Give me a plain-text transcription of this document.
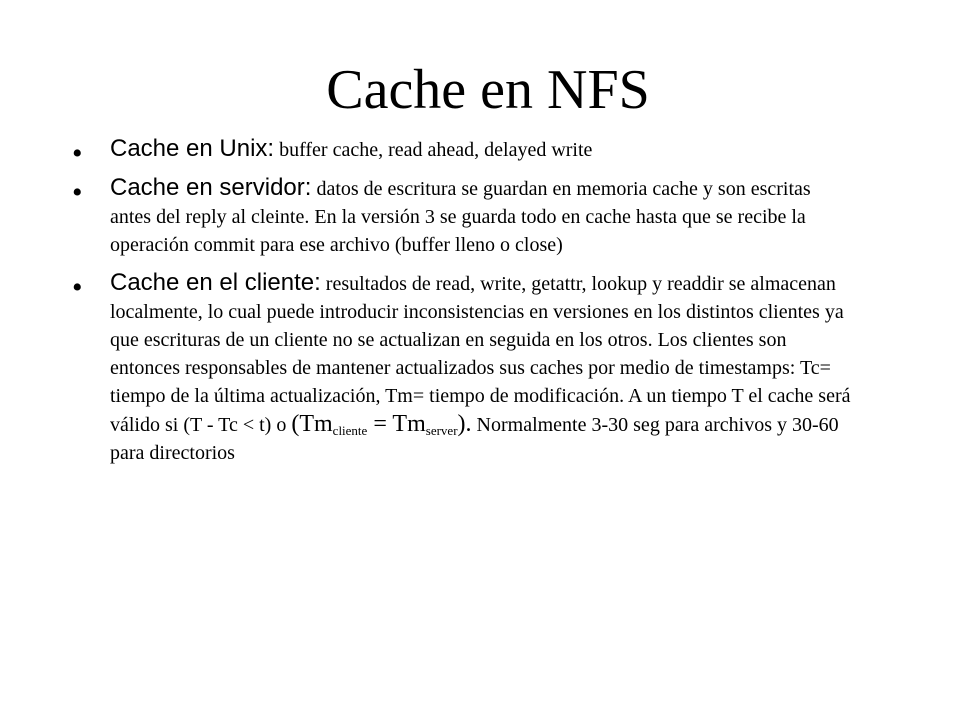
Cache en NFS
• Cache en Unix: buffer cache, read ahead, delayed write
• Cache en servidor: datos de escritura se guardan en memoria cache y son escritas antes del reply al cleinte. En la versión 3 se guarda todo en cache hasta que se recibe la operación commit para ese archivo (buffer lleno o close)
• Cache en el cliente: resultados de read, write, getattr, lookup y readdir se almacenan localmente, lo cual puede introducir inconsistencias en versiones en los distintos clientes ya que escrituras de un cliente no se actualizan en seguida en los otros. Los clientes son entonces responsables de mantener actualizados sus caches por medio de timestamps: Tc= tiempo de la última actualización, Tm= tiempo de modificación. A un tiempo T el cache será válido si (T - Tc < t) o $(Tm_{cliente} = Tm_{server})$. Normalmente 3-30 seg para archivos y 30-60 para directorios
